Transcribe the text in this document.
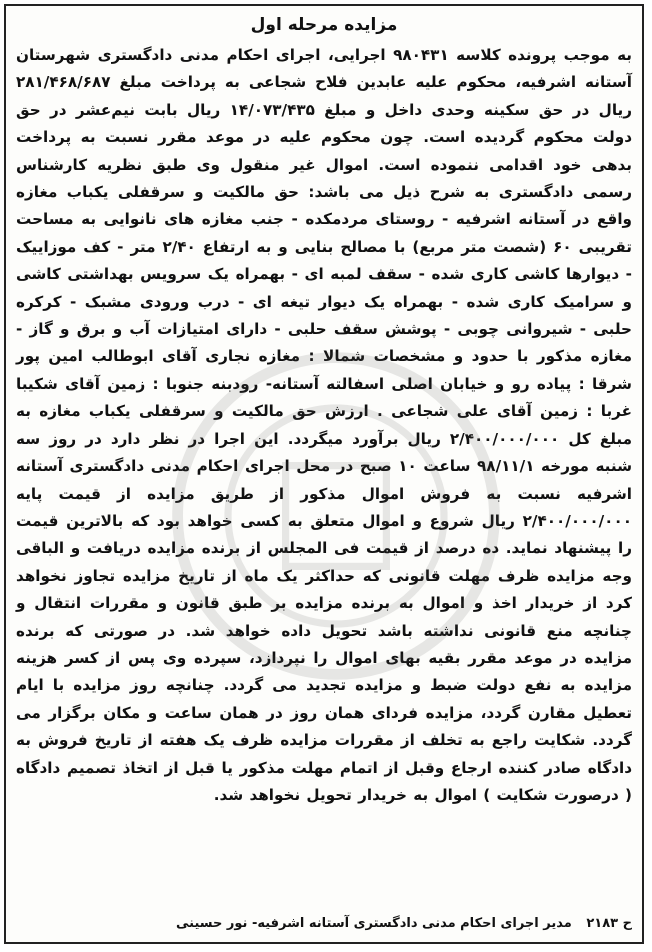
مزایده مرحله اول
به موجب پرونده کلاسه ۹۸۰۴۳۱ اجرایی، اجرای احکام مدنی دادگستری شهرستان آستانه اشرفیه، محکوم علیه عابدین فلاح شجاعی به پرداخت مبلغ ۲۸۱/۴۶۸/۶۸۷ ریال در حق سکینه وحدی داخل و مبلغ ۱۴/۰۷۳/۴۳۵ ریال بابت نیم‌عشر در حق دولت محکوم گردیده است. چون محکوم علیه در موعد مقرر نسبت به پرداخت بدهی خود اقدامی ننموده است. اموال غیر منقول وی طبق نظریه کارشناس رسمی دادگستری به شرح ذیل می باشد: حق مالکیت و سرقفلی یکباب مغازه واقع در آستانه اشرفیه - روستای مردمکده - جنب مغازه های نانوایی به مساحت تقریبی ۶۰ (شصت متر مربع) با مصالح بنایی و به ارتفاع ۲/۴۰ متر - کف موزاییک - دیوارها کاشی کاری شده - سقف لمبه ای - بهمراه یک سرویس بهداشتی کاشی و سرامیک کاری شده - بهمراه یک دیوار تیغه ای - درب ورودی مشبک - کرکره حلبی - شیروانی چوبی - پوشش سقف حلبی - دارای امتیازات آب و برق و گاز - مغازه مذکور با حدود و مشخصات شمالا : مغازه نجاری آقای ابوطالب امین پور شرقا : پیاده رو و خیابان اصلی اسفالته آستانه- رودبنه جنوبا : زمین آقای شکیبا غربا : زمین آقای علی شجاعی . ارزش حق مالکیت و سرقفلی یکباب مغازه به مبلغ کل ۲/۴۰۰/۰۰۰/۰۰۰ ریال برآورد میگردد. این اجرا در نظر دارد در روز سه شنبه مورخه ۹۸/۱۱/۱ ساعت ۱۰ صبح در محل اجرای احکام مدنی دادگستری آستانه اشرفیه نسبت به فروش اموال مذکور از طریق مزایده از قیمت پایه ۲/۴۰۰/۰۰۰/۰۰۰ ریال شروع و اموال متعلق به کسی خواهد بود که بالاترین قیمت را پیشنهاد نماید. ده درصد از قیمت فی المجلس از برنده مزایده دریافت و الباقی وجه مزایده ظرف مهلت قانونی که حداکثر یک ماه از تاریخ مزایده تجاوز نخواهد کرد از خریدار اخذ و اموال به برنده مزایده بر طبق قانون و مقررات انتقال و چنانچه منع قانونی نداشته باشد تحویل داده خواهد شد. در صورتی که برنده مزایده در موعد مقرر بقیه بهای اموال را نپردازد، سپرده وی پس از کسر هزینه مزایده به نفع دولت ضبط و مزایده تجدید می گردد. چنانچه روز مزایده با ایام تعطیل مقارن گردد، مزایده فردای همان روز در همان ساعت و مکان برگزار می گردد. شکایت راجع به تخلف از مقررات مزایده ظرف یک هفته از تاریخ فروش به دادگاه صادر کننده ارجاع وقبل از اتمام مهلت مذکور یا قبل از اتخاذ تصمیم دادگاه ( درصورت شکایت ) اموال به خریدار تحویل نخواهد شد.
ح ۲۱۸۳ مدیر اجرای احکام مدنی دادگستری آستانه اشرفیه- نور حسینی
